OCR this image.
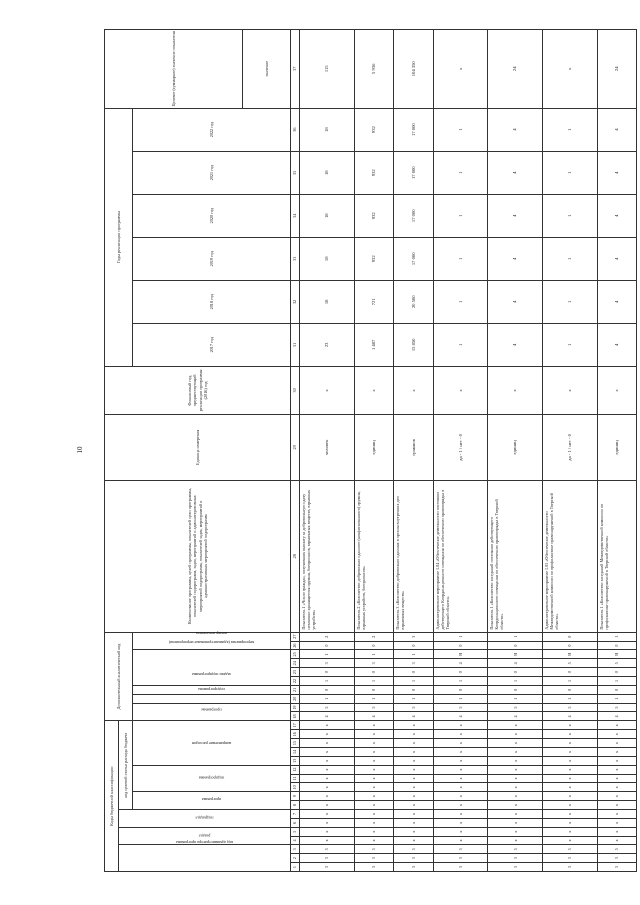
10
Коды бюджетной классификации																	Дополнительный аналитический код										Наименование программы, целей программы, показателей цели программы, показателей подпрограмм, задач, мероприятий и административных мероприятий подпрограмм, показателей задач, мероприятий и административных мероприятий подпрограмм	Единица измерения	Финансовый год, предшествующий реализации программы (2016) год	Годы реализации программы						Целевое (суммарное) значение показателя
код администратора программы			раздел		подраздел		код целевой статьи расхода бюджета																													
							программа		подпрограмма			направление расходов					программы		подпрограммы	задачи подпрограммы	мероприятия (административные мероприятия)				номер показателя					2017 год	2018 год	2019 год	2020 год	2021 год	2022 год	
																																				значение
1	2	3	4	5	6	7	8	9	10	11	12	13	14	15	16	17	18	19	20	21	22	23	24	25	26	27	28	29	30	31	32	33	34	35	36	37
3	3	5	х	х	х	х	х	х	х	х	х	х	х	х	х	х	4	5	1	0	1	0	3	1	0	2	Показатель 1 «Число граждан, получивших выплату за добровольную сдачу незаконно хранящегося оружия, боеприпасов, взрывчатых веществ, взрывных устройств»	человек	х	23	18	18	18	18	18	115
3	3	5	х	х	х	х	х	х	х	х	х	х	х	х	х	х	4	5	1	0	1	0	3	1	0	2	Показатель 2 «Количество добровольно сданного (конфискованного) оружия, взрывных устройств, боеприпасов»	единиц	х	1 487	721	932	932	932	932	5 936
3	3	5	х	х	х	х	х	х	х	х	х	х	х	х	х	х	4	5	1	0	1	0	3	1	0	3	Показатель 3 «Количество добровольно сданных в органы внутренних дел взрывчатых веществ»	граммов	х	15 850	20 500	17 000	17 000	17 000	17 000	104 350
3	3	5	х	х	х	х	х	х	х	х	х	х	х	х	х	х	4	5	1	0	1	0	4	Я	0	1	Административное мероприятие 1.04 «Обеспечение деятельности постоянно действующего Координационного совещания по обеспечению правопорядка в Тверской области»	да - 1 / нет - 0	х	1	1	1	1	1	1	х
3	3	5	х	х	х	х	х	х	х	х	х	х	х	х	х	х	4	5	1	0	1	0	4	Я	0	1	Показатель 1 «Количество заседаний постоянно действующего Координационного совещания по обеспечению правопорядка в Тверской области»	единиц	х	4	4	4	4	4	4	24
3	3	5	х	х	х	х	х	х	х	х	х	х	х	х	х	х	4	5	1	0	1	0	5	Я	0	0	Административное мероприятие 1.05 «Обеспечение деятельности Межведомственной комиссии по профилактике правонарушений в Тверской области»	да - 1 / нет - 0	х	1	1	1	1	1	1	х
3	3	5	х	х	х	х	х	х	х	х	х	х	х	х	х	х	4	5	1	0	1	0	5	Я	0	1	Показатель 1 «Количество заседаний Межведомственной комиссии по профилактике правонарушений в Тверской области»	единиц	х	4	4	4	4	4	4	24
